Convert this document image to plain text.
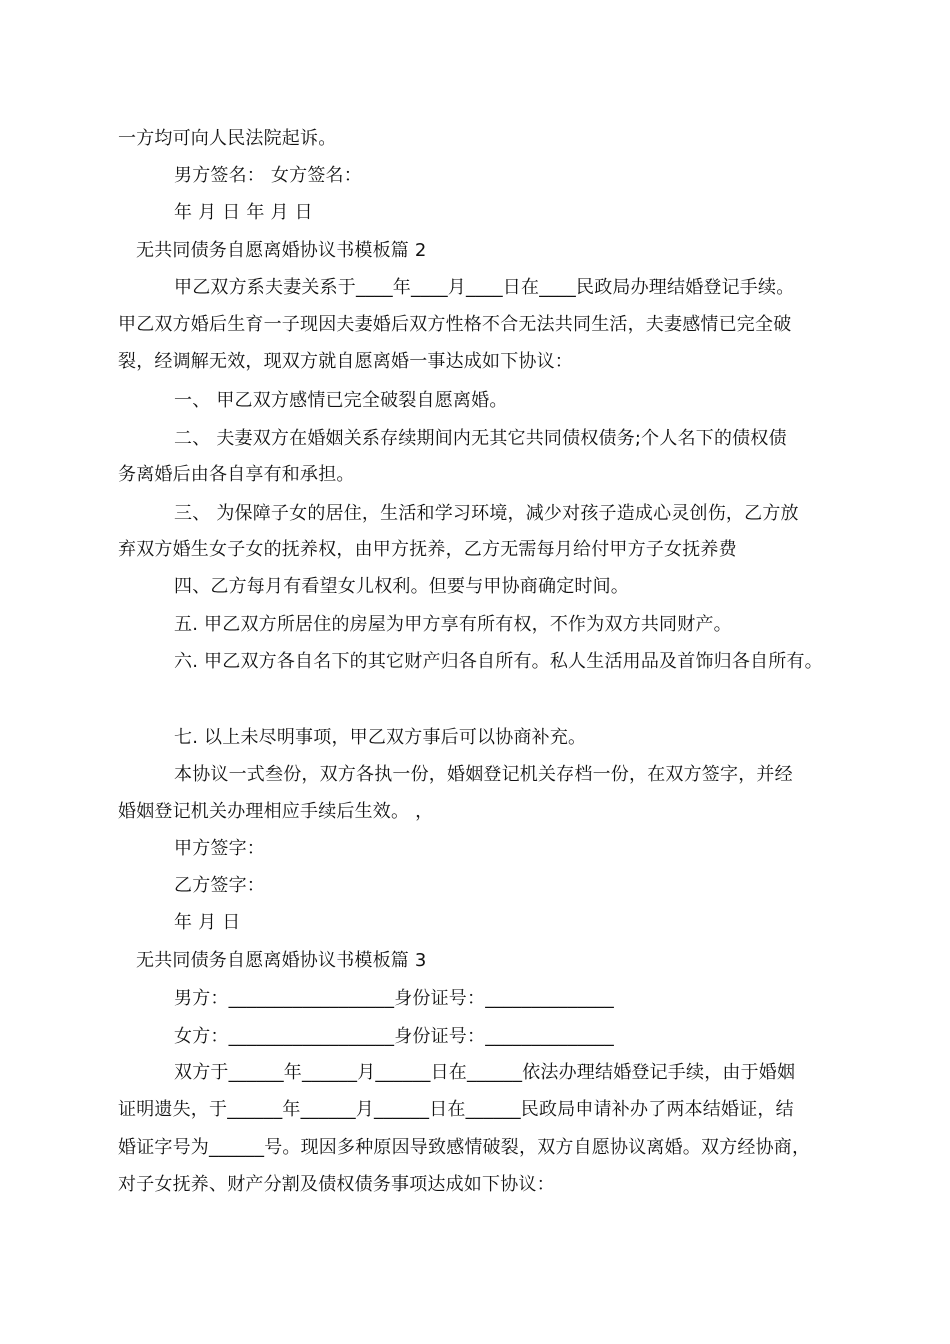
一方均可向人民法院起诉。

男方签名： 女方签名：

年 月 日 年 月 日

无共同债务自愿离婚协议书模板篇 2

甲乙双方系夫妻关系于____年____月____日在____民政局办理结婚登记手续。

甲乙双方婚后生育一子现因夫妻婚后双方性格不合无法共同生活，夫妻感情已完全破

裂，经调解无效，现双方就自愿离婚一事达成如下协议：

一、 甲乙双方感情已完全破裂自愿离婚。

二、 夫妻双方在婚姻关系存续期间内无其它共同债权债务;个人名下的债权债

务离婚后由各自享有和承担。

三、 为保障子女的居住，生活和学习环境，减少对孩子造成心灵创伤，乙方放

弃双方婚生女子女的抚养权，由甲方抚养，乙方无需每月给付甲方子女抚养费

四、乙方每月有看望女儿权利。但要与甲协商确定时间。

五. 甲乙双方所居住的房屋为甲方享有所有权，不作为双方共同财产。

六. 甲乙双方各自名下的其它财产归各自所有。私人生活用品及首饰归各自所有。

七. 以上未尽明事项，甲乙双方事后可以协商补充。

本协议一式叁份，双方各执一份，婚姻登记机关存档一份，在双方签字，并经

婚姻登记机关办理相应手续后生效。 ，

甲方签字：

乙方签字：

年 月 日

无共同债务自愿离婚协议书模板篇 3

男方：__________________身份证号：______________

女方：__________________身份证号：______________

双方于______年______月______日在______依法办理结婚登记手续，由于婚姻

证明遗失，于______年______月______日在______民政局申请补办了两本结婚证，结

婚证字号为______号。现因多种原因导致感情破裂，双方自愿协议离婚。双方经协商，

对子女抚养、财产分割及债权债务事项达成如下协议：
